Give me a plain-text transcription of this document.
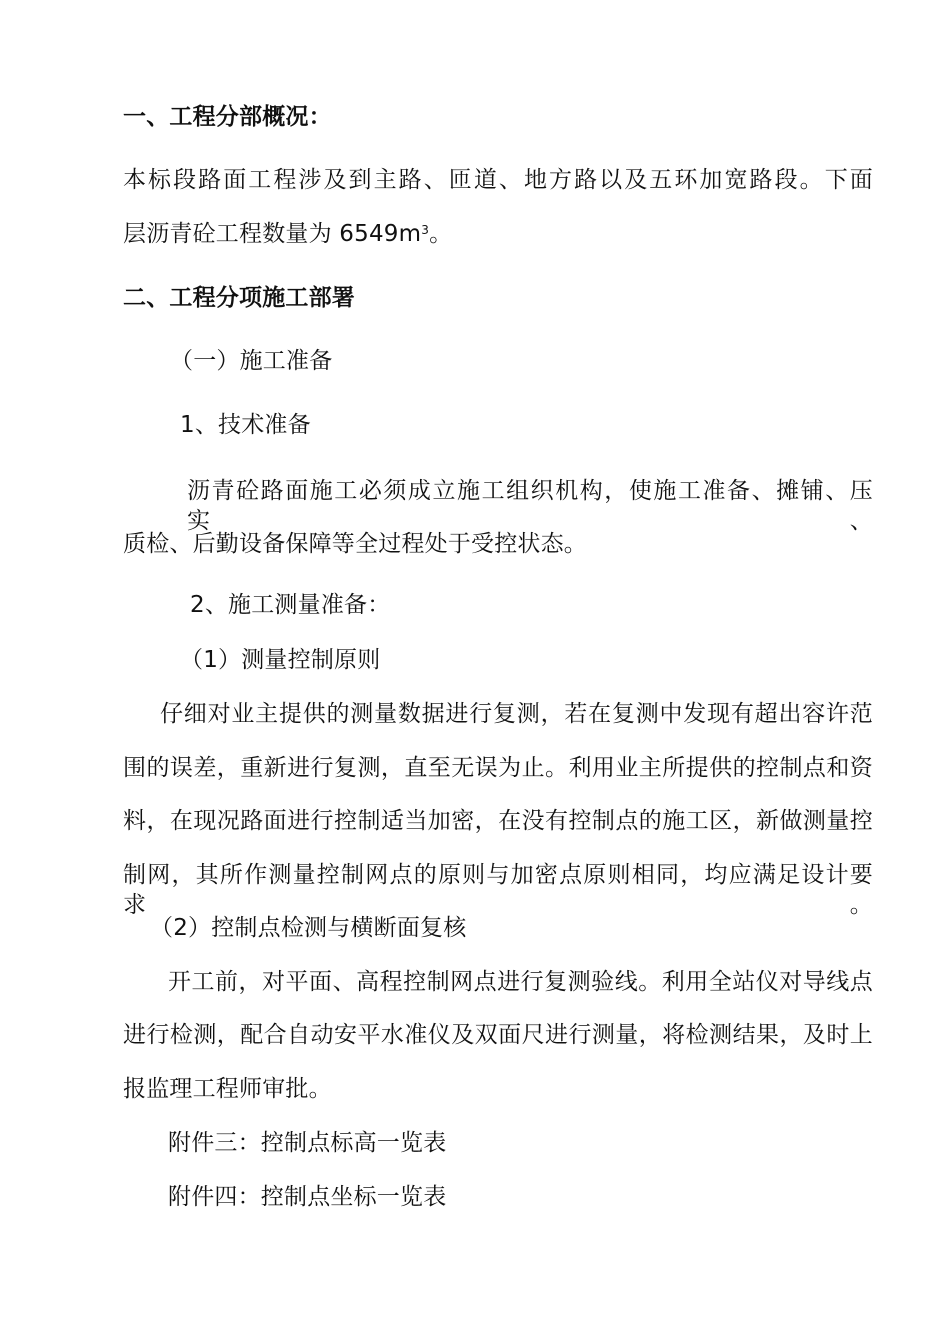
一、工程分部概况：
本标段路面工程涉及到主路、匝道、地方路以及五环加宽路段。下面
层沥青砼工程数量为 $6549m^3$。
二、工程分项施工部署
（一）施工准备
1、技术准备
沥青砼路面施工必须成立施工组织机构，使施工准备、摊铺、压实、
质检、后勤设备保障等全过程处于受控状态。
2、施工测量准备：
（1）测量控制原则
仔细对业主提供的测量数据进行复测，若在复测中发现有超出容许范
围的误差，重新进行复测，直至无误为止。利用业主所提供的控制点和资
料，在现况路面进行控制适当加密，在没有控制点的施工区，新做测量控
制网，其所作测量控制网点的原则与加密点原则相同，均应满足设计要求。
（2）控制点检测与横断面复核
开工前，对平面、高程控制网点进行复测验线。利用全站仪对导线点
进行检测，配合自动安平水准仪及双面尺进行测量，将检测结果，及时上
报监理工程师审批。
附件三：控制点标高一览表
附件四：控制点坐标一览表
